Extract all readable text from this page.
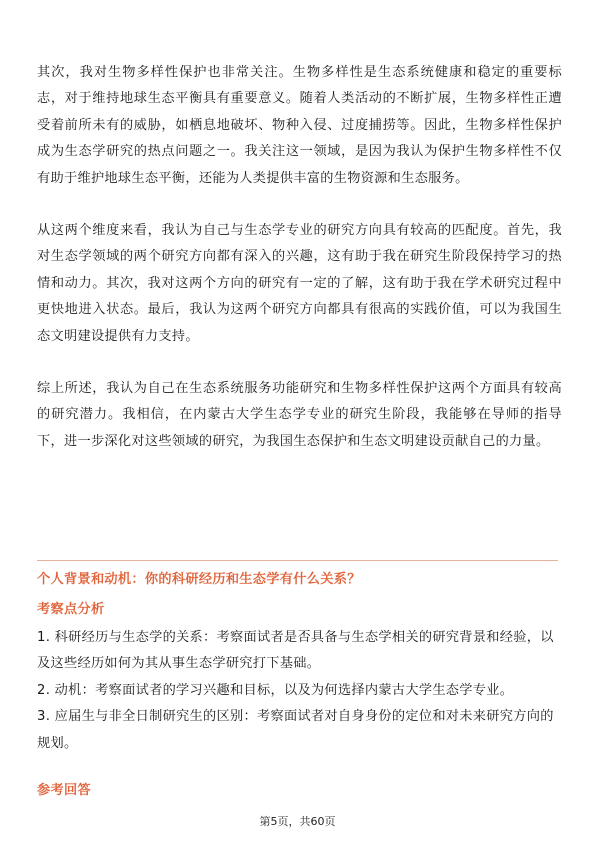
其次，我对生物多样性保护也非常关注。生物多样性是生态系统健康和稳定的重要标志，对于维持地球生态平衡具有重要意义。随着人类活动的不断扩展，生物多样性正遭受着前所未有的威胁，如栖息地破坏、物种入侵、过度捕捞等。因此，生物多样性保护成为生态学研究的热点问题之一。我关注这一领域，是因为我认为保护生物多样性不仅有助于维护地球生态平衡，还能为人类提供丰富的生物资源和生态服务。

从这两个维度来看，我认为自己与生态学专业的研究方向具有较高的匹配度。首先，我对生态学领域的两个研究方向都有深入的兴趣，这有助于我在研究生阶段保持学习的热情和动力。其次，我对这两个方向的研究有一定的了解，这有助于我在学术研究过程中更快地进入状态。最后，我认为这两个研究方向都具有很高的实践价值，可以为我国生态文明建设提供有力支持。

综上所述，我认为自己在生态系统服务功能研究和生物多样性保护这两个方面具有较高的研究潜力。我相信，在内蒙古大学生态学专业的研究生阶段，我能够在导师的指导下，进一步深化对这些领域的研究，为我国生态保护和生态文明建设贡献自己的力量。

个人背景和动机：你的科研经历和生态学有什么关系？
考察点分析

1. 科研经历与生态学的关系：考察面试者是否具备与生态学相关的研究背景和经验，以及这些经历如何为其从事生态学研究打下基础。

2. 动机：考察面试者的学习兴趣和目标，以及为何选择内蒙古大学生态学专业。

3. 应届生与非全日制研究生的区别：考察面试者对自身身份的定位和对未来研究方向的规划。

参考回答
第5页，共60页
